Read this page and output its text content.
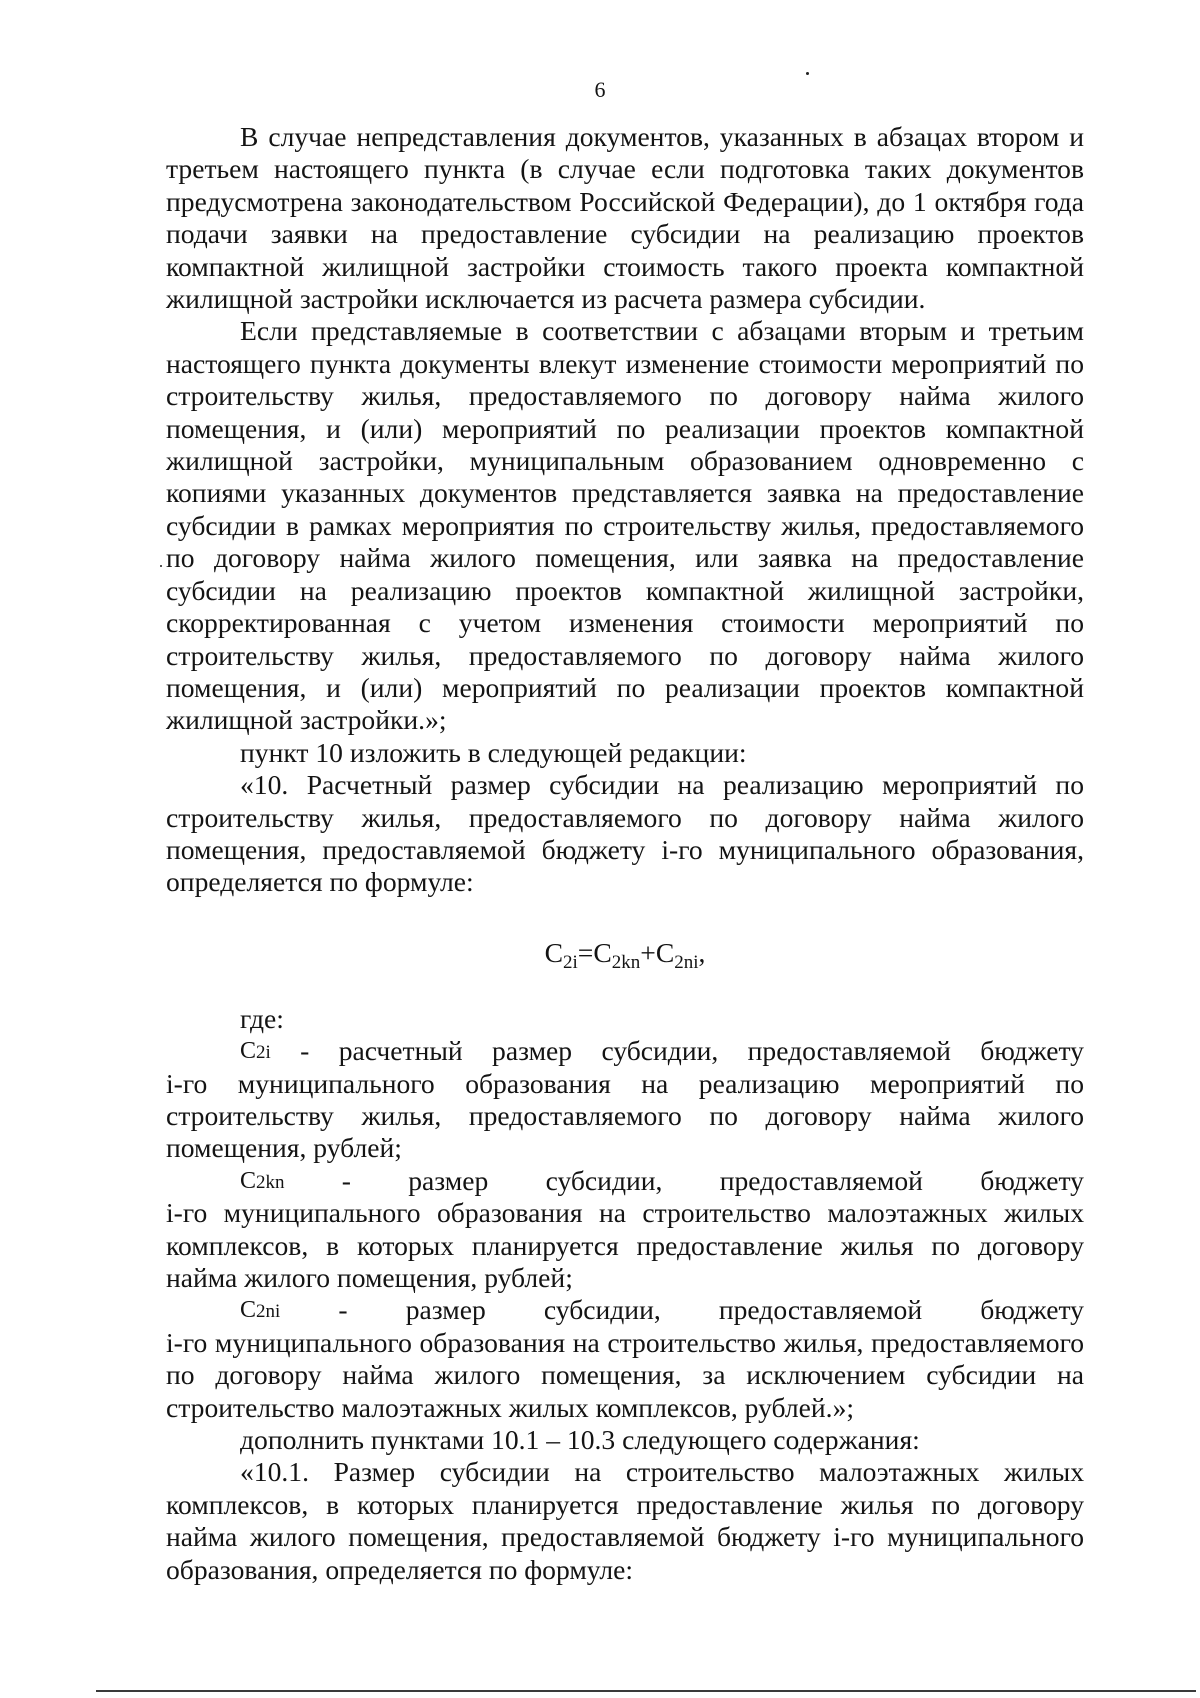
6

В случае непредставления документов, указанных в абзацах втором и третьем настоящего пункта (в случае если подготовка таких документов предусмотрена законодательством Российской Федерации), до 1 октября года подачи заявки на предоставление субсидии на реализацию проектов компактной жилищной застройки стоимость такого проекта компактной жилищной застройки исключается из расчета размера субсидии.

Если представляемые в соответствии с абзацами вторым и третьим настоящего пункта документы влекут изменение стоимости мероприятий по строительству жилья, предоставляемого по договору найма жилого помещения, и (или) мероприятий по реализации проектов компактной жилищной застройки, муниципальным образованием одновременно с копиями указанных документов представляется заявка на предоставление субсидии в рамках мероприятия по строительству жилья, предоставляемого по договору найма жилого помещения, или заявка на предоставление субсидии на реализацию проектов компактной жилищной застройки, скорректированная с учетом изменения стоимости мероприятий по строительству жилья, предоставляемого по договору найма жилого помещения, и (или) мероприятий по реализации проектов компактной жилищной застройки.»;

пункт 10 изложить в следующей редакции:

«10. Расчетный размер субсидии на реализацию мероприятий по строительству жилья, предоставляемого по договору найма жилого помещения, предоставляемой бюджету i-го муниципального образования, определяется по формуле:

$C_{2i}=C_{2kn}+C_{2ni}$,

где:

C2i - расчетный размер субсидии, предоставляемой бюджету

i-го муниципального образования на реализацию мероприятий по строительству жилья, предоставляемого по договору найма жилого помещения, рублей;

C2kn - размер субсидии, предоставляемой бюджету

i-го муниципального образования на строительство малоэтажных жилых комплексов, в которых планируется предоставление жилья по договору найма жилого помещения, рублей;

C2ni - размер субсидии, предоставляемой бюджету

i-го муниципального образования на строительство жилья, предоставляемого по договору найма жилого помещения, за исключением субсидии на строительство малоэтажных жилых комплексов, рублей.»;

дополнить пунктами 10.1 – 10.3 следующего содержания:

«10.1. Размер субсидии на строительство малоэтажных жилых комплексов, в которых планируется предоставление жилья по договору найма жилого помещения, предоставляемой бюджету i-го муниципального образования, определяется по формуле:
